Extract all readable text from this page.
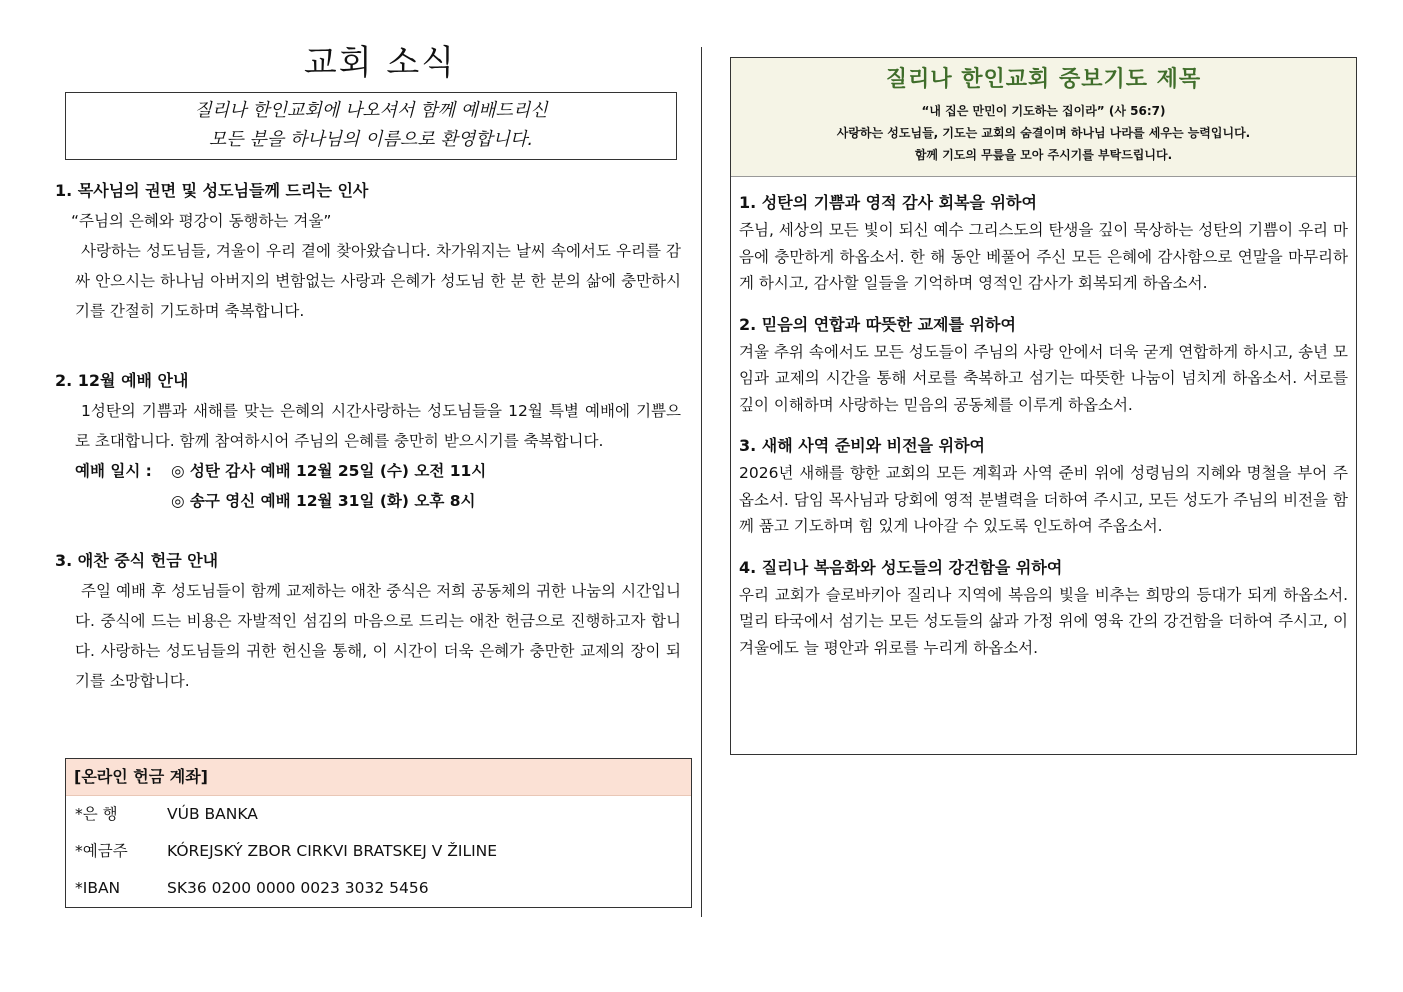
교회 소식
질리나 한인교회에 나오셔서 함께 예배드리신
모든 분을 하나님의 이름으로 환영합니다.
1. 목사님의 권면 및 성도님들께 드리는 인사
“주님의 은혜와 평강이 동행하는 겨울”
사랑하는 성도님들, 겨울이 우리 곁에 찾아왔습니다. 차가워지는 날씨 속에서도 우리를 감싸 안으시는 하나님 아버지의 변함없는 사랑과 은혜가 성도님 한 분 한 분의 삶에 충만하시기를 간절히 기도하며 축복합니다.
2. 12월 예배 안내
1성탄의 기쁨과 새해를 맞는 은혜의 시간사랑하는 성도님들을 12월 특별 예배에 기쁨으로 초대합니다. 함께 참여하시어 주님의 은혜를 충만히 받으시기를 축복합니다.
예배 일시 : ◎ 성탄 감사 예배 12월 25일 (수) 오전 11시
◎ 송구 영신 예배 12월 31일 (화) 오후 8시
3. 애찬 중식 헌금 안내
주일 예배 후 성도님들이 함께 교제하는 애찬 중식은 저희 공동체의 귀한 나눔의 시간입니다. 중식에 드는 비용은 자발적인 섬김의 마음으로 드리는 애찬 헌금으로 진행하고자 합니다. 사랑하는 성도님들의 귀한 헌신을 통해, 이 시간이 더욱 은혜가 충만한 교제의 장이 되기를 소망합니다.
[온라인 헌금 계좌]
*은 행	VÚB BANKA
*예금주	KÓREJSKÝ ZBOR CIRKVI BRATSKEJ V ŽILINE
*IBAN	SK36 0200 0000 0023 3032 5456
질리나 한인교회 중보기도 제목
“내 집은 만민이 기도하는 집이라” (사 56:7)
사랑하는 성도님들, 기도는 교회의 숨결이며 하나님 나라를 세우는 능력입니다.
함께 기도의 무릎을 모아 주시기를 부탁드립니다.
1. 성탄의 기쁨과 영적 감사 회복을 위하여
주님, 세상의 모든 빛이 되신 예수 그리스도의 탄생을 깊이 묵상하는 성탄의 기쁨이 우리 마음에 충만하게 하옵소서. 한 해 동안 베풀어 주신 모든 은혜에 감사함으로 연말을 마무리하게 하시고, 감사할 일들을 기억하며 영적인 감사가 회복되게 하옵소서.
2. 믿음의 연합과 따뜻한 교제를 위하여
겨울 추위 속에서도 모든 성도들이 주님의 사랑 안에서 더욱 굳게 연합하게 하시고, 송년 모임과 교제의 시간을 통해 서로를 축복하고 섬기는 따뜻한 나눔이 넘치게 하옵소서. 서로를 깊이 이해하며 사랑하는 믿음의 공동체를 이루게 하옵소서.
3. 새해 사역 준비와 비전을 위하여
2026년 새해를 향한 교회의 모든 계획과 사역 준비 위에 성령님의 지혜와 명철을 부어 주옵소서. 담임 목사님과 당회에 영적 분별력을 더하여 주시고, 모든 성도가 주님의 비전을 함께 품고 기도하며 힘 있게 나아갈 수 있도록 인도하여 주옵소서.
4. 질리나 복음화와 성도들의 강건함을 위하여
우리 교회가 슬로바키아 질리나 지역에 복음의 빛을 비추는 희망의 등대가 되게 하옵소서. 멀리 타국에서 섬기는 모든 성도들의 삶과 가정 위에 영육 간의 강건함을 더하여 주시고, 이 겨울에도 늘 평안과 위로를 누리게 하옵소서.
